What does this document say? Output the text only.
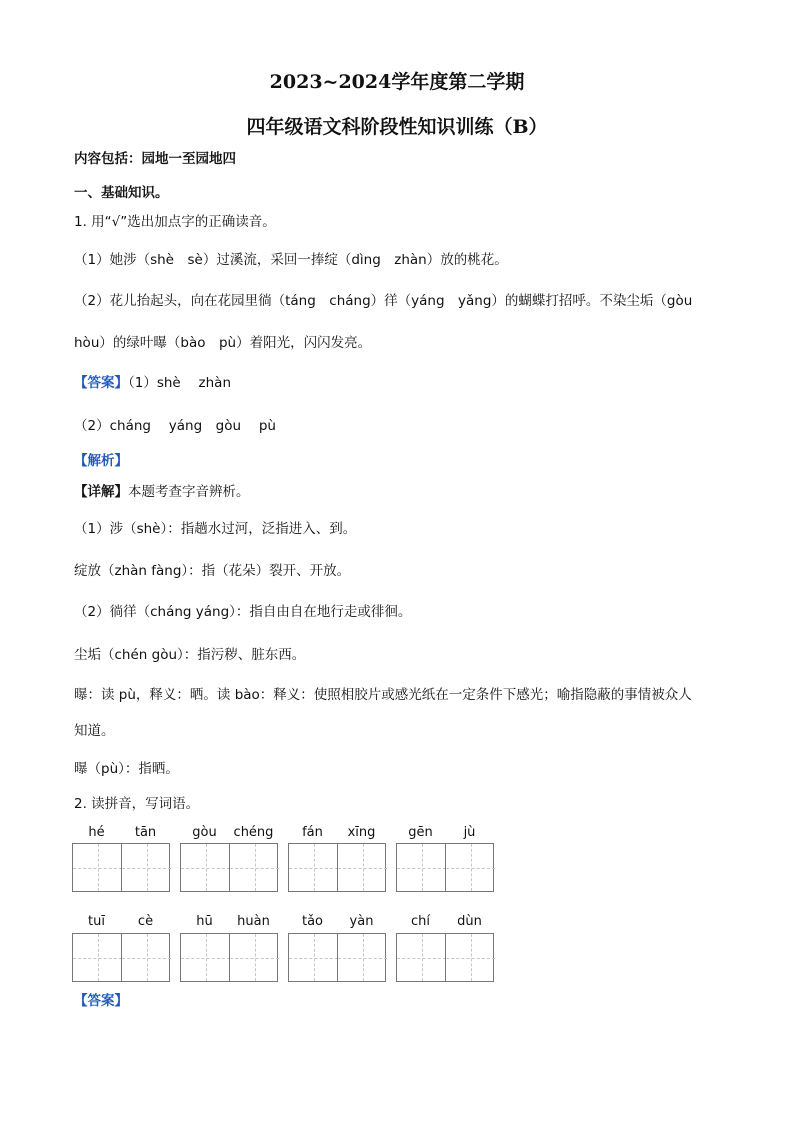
2023~2024学年度第二学期
四年级语文科阶段性知识训练（B）
内容包括：园地一至园地四
一、基础知识。
1. 用“√”选出加点字的正确读音。
（1）她涉（shè　sè）过溪流，采回一捧绽（dìng　zhàn）放的桃花。
（2）花儿抬起头，向在花园里徜（táng　cháng）徉（yáng　yǎng）的蝴蝶打招呼。不染尘垢（gòu
hòu）的绿叶曝（bào　pù）着阳光，闪闪发亮。
【答案】（1）shè　 zhàn
（2）cháng　 yáng　gòu　 pù
【解析】
【详解】本题考查字音辨析。
（1）涉（shè）：指趟水过河，泛指进入、到。
绽放（zhàn fàng）：指（花朵）裂开、开放。
（2）徜徉（cháng yáng）：指自由自在地行走或徘徊。
尘垢（chén gòu）：指污秽、脏东西。
曝：读 pù，释义：晒。读 bào：释义：使照相胶片或感光纸在一定条件下感光；喻指隐蔽的事情被众人
知道。
曝（pù）：指晒。
2. 读拼音，写词语。
hé	tān	gòu	chéng	fán	xīng	gēn	jù
tuī	cè	hū	huàn	tǎo	yàn	chí	dùn
【答案】
